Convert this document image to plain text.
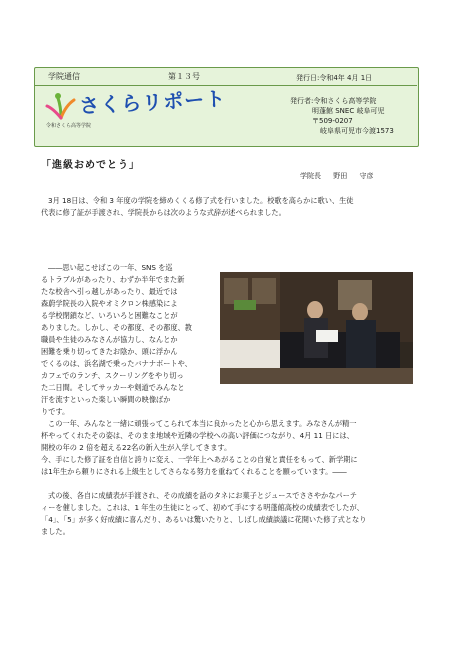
学院通信	第１３号	発行日:令和4年 4月 1日
さくらリポート
令和さくら高等学院
発行者:令和さくら高等学院
明蓬館 SNEC 岐阜可児
〒509-0207
岐阜県可児市今渡1573
「進級おめでとう」
学院長 野田 守彦
3月 18日は、令和 3 年度の学院を締めくくる修了式を行いました。校歌を高らかに歌い、生徒
代表に修了証が手渡され、学院長からは次のような式辞が述べられました。
――思い起こせばこの一年、SNS を巡
るトラブルがあったり、わずか半年でまた新
たな校舎へ引っ越しがあったり、最近では
森蔚学院長の入院やオミクロン株感染によ
る学校閉鎖など、いろいろと困難なことが
ありました。しかし、その都度、その都度、教
職員や生徒のみなさんが協力し、なんとか
困難を乗り切ってきたお陰か、頭に浮かん
でくるのは、浜名湖で乗ったバナナボートや、
カフェでのランチ、スクーリングをやり切っ
た二日間。そしてサッカーや剣道でみんなと
汗を流すといった楽しい瞬間の映像ばか
りです。
この一年、みんなと一緒に頑張ってこられて本当に良かったと心から思えます。みなさんが精一
杯やってくれたその姿は、そのまま地域や近隣の学校への高い評価につながり、4月 11 日には、
開校の年の 2 倍を超える22名の新入生が入学してきます。
今、手にした修了証を自信と誇りに変え、一学年上へあがることの自覚と責任をもって、新学期に
は1年生から頼りにされる上級生としてさらなる努力を重ねてくれることを願っています。――
式の後、各自に成績表が手渡され、その成績を話のタネにお菓子とジュースでささやかなパーテ
ィーを催しました。これは、1 年生の生徒にとって、初めて手にする明蓬館高校の成績表でしたが、
「4」、「5」が多く好成績に喜んだり、あるいは驚いたりと、しばし成績談議に花開いた修了式となり
ました。
